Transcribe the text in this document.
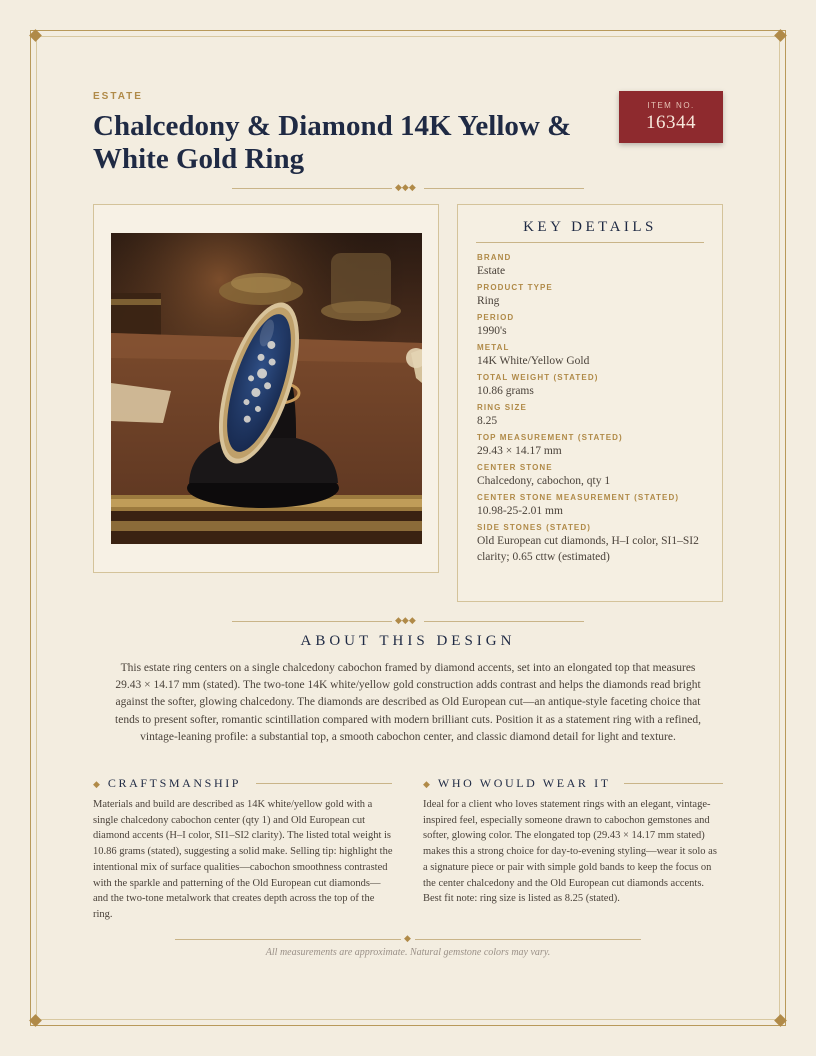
ESTATE
Chalcedony & Diamond 14K Yellow & White Gold Ring
ITEM NO.
16344
◆◆◆
KEY DETAILS
BRAND
Estate
PRODUCT TYPE
Ring
PERIOD
1990's
METAL
14K White/Yellow Gold
TOTAL WEIGHT (STATED)
10.86 grams
RING SIZE
8.25
TOP MEASUREMENT (STATED)
29.43 × 14.17 mm
CENTER STONE
Chalcedony, cabochon, qty 1
CENTER STONE MEASUREMENT (STATED)
10.98-25-2.01 mm
SIDE STONES (STATED)
Old European cut diamonds, H–I color, SI1–SI2 clarity; 0.65 cttw (estimated)
◆◆◆
ABOUT THIS DESIGN

This estate ring centers on a single chalcedony cabochon framed by diamond accents, set into an elongated top that measures 29.43 × 14.17 mm (stated). The two-tone 14K white/yellow gold construction adds contrast and helps the diamonds read bright against the softer, glowing chalcedony. The diamonds are described as Old European cut—an antique-style faceting choice that tends to present softer, romantic scintillation compared with modern brilliant cuts. Position it as a statement ring with a refined, vintage-leaning profile: a substantial top, a smooth cabochon center, and classic diamond detail for light and texture.

◆ CRAFTSMANSHIP

Materials and build are described as 14K white/yellow gold with a single chalcedony cabochon center (qty 1) and Old European cut diamond accents (H–I color, SI1–SI2 clarity). The listed total weight is 10.86 grams (stated), suggesting a solid make. Selling tip: highlight the intentional mix of surface qualities—cabochon smoothness contrasted with the sparkle and patterning of the Old European cut diamonds—and the two-tone metalwork that creates depth across the top of the ring.

◆ WHO WOULD WEAR IT

Ideal for a client who loves statement rings with an elegant, vintage-inspired feel, especially someone drawn to cabochon gemstones and softer, glowing color. The elongated top (29.43 × 14.17 mm stated) makes this a strong choice for day-to-evening styling—wear it solo as a signature piece or pair with simple gold bands to keep the focus on the center chalcedony and the Old European cut diamonds accents. Best fit note: ring size is listed as 8.25 (stated).

◆
All measurements are approximate. Natural gemstone colors may vary.
